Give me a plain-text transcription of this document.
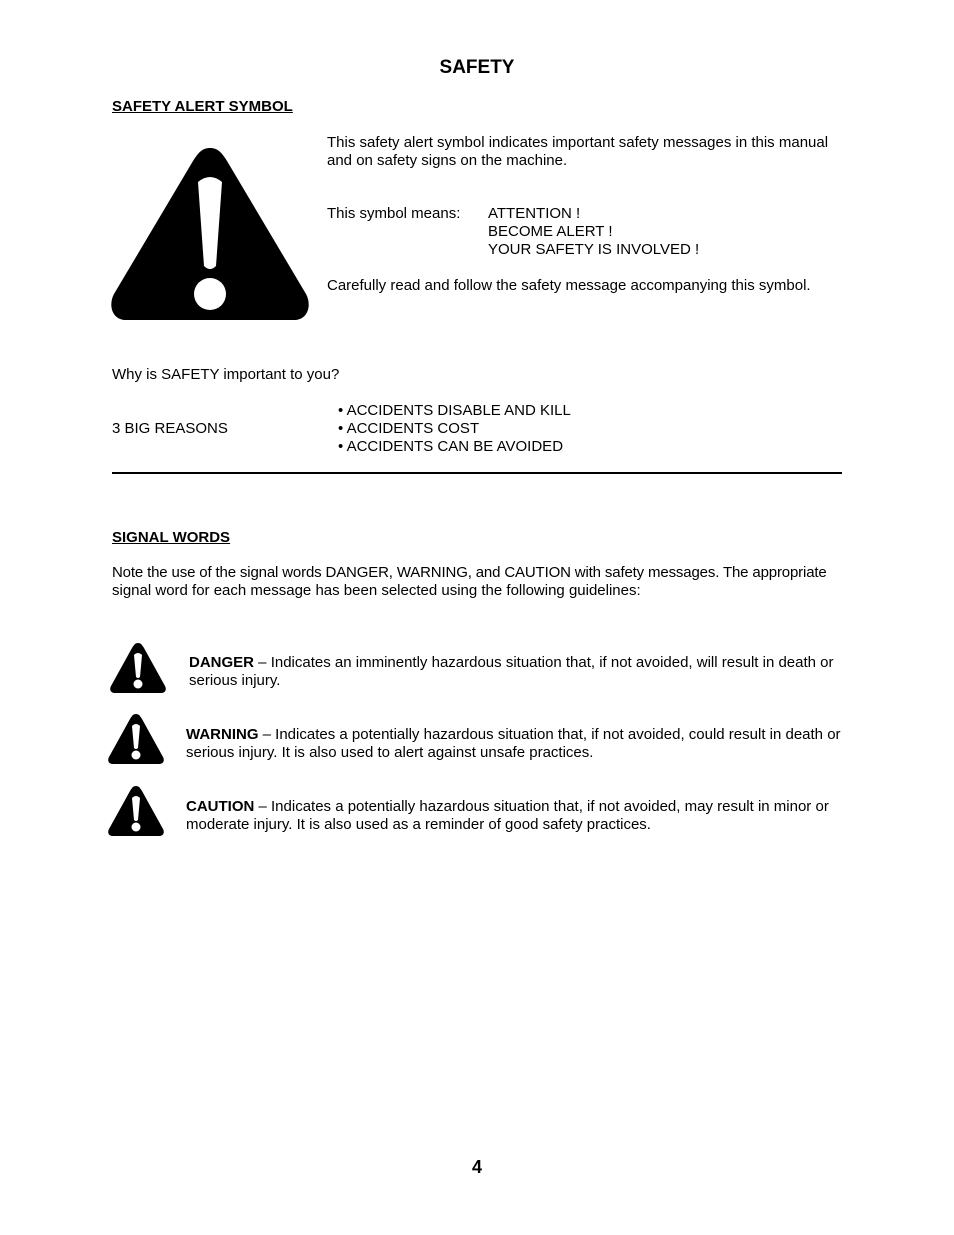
SAFETY
SAFETY ALERT SYMBOL
This safety alert symbol indicates important safety messages in this manual
and on safety signs on the machine.
This symbol means: ATTENTION !
BECOME ALERT !
YOUR SAFETY IS INVOLVED !
Carefully read and follow the safety message accompanying this symbol.
Why is SAFETY important to you?
3 BIG REASONS
• ACCIDENTS DISABLE AND KILL
• ACCIDENTS COST
• ACCIDENTS CAN BE AVOIDED
SIGNAL WORDS
Note the use of the signal words DANGER, WARNING, and CAUTION with safety messages. The appropriate
signal word for each message has been selected using the following guidelines:
DANGER – Indicates an imminently hazardous situation that, if not avoided, will result in death or
serious injury.
WARNING – Indicates a potentially hazardous situation that, if not avoided, could result in death or
serious injury. It is also used to alert against unsafe practices.
CAUTION – Indicates a potentially hazardous situation that, if not avoided, may result in minor or
moderate injury. It is also used as a reminder of good safety practices.
4
